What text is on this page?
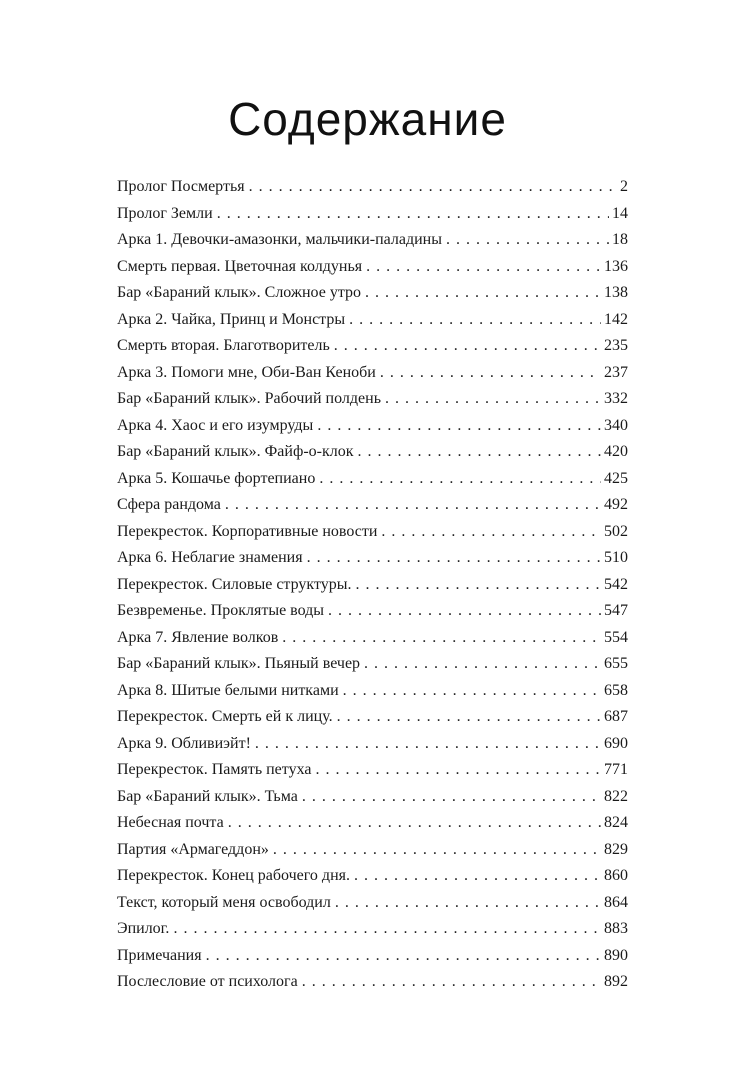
Содержание
Пролог Посмертья . . .	2
Пролог Земли . . .	14
Арка 1. Девочки-амазонки, мальчики-паладины . . .	18
Смерть первая. Цветочная колдунья . . .	136
Бар «Бараний клык». Сложное утро . . .	138
Арка 2. Чайка, Принц и Монстры . . .	142
Смерть вторая. Благотворитель . . .	235
Арка 3. Помоги мне, Оби-Ван Кеноби . . .	237
Бар «Бараний клык». Рабочий полдень . . .	332
Арка 4. Хаос и его изумруды . . .	340
Бар «Бараний клык». Файф-о-клок . . .	420
Арка 5. Кошачье фортепиано . . .	425
Сфера рандома . . .	492
Перекресток. Корпоративные новости . . .	502
Арка 6. Неблагие знамения . . .	510
Перекресток. Силовые структуры. . . .	542
Безвременье. Проклятые воды . . .	547
Арка 7. Явление волков . . .	554
Бар «Бараний клык». Пьяный вечер . . .	655
Арка 8. Шитые белыми нитками . . .	658
Перекресток. Смерть ей к лицу. . . .	687
Арка 9. Обливиэйт! . . .	690
Перекресток. Память петуха . . .	771
Бар «Бараний клык». Тьма . . .	822
Небесная почта . . .	824
Партия «Армагеддон» . . .	829
Перекресток. Конец рабочего дня. . . .	860
Текст, который меня освободил . . .	864
Эпилог. . . .	883
Примечания . . .	890
Послесловие от психолога . . .	892
